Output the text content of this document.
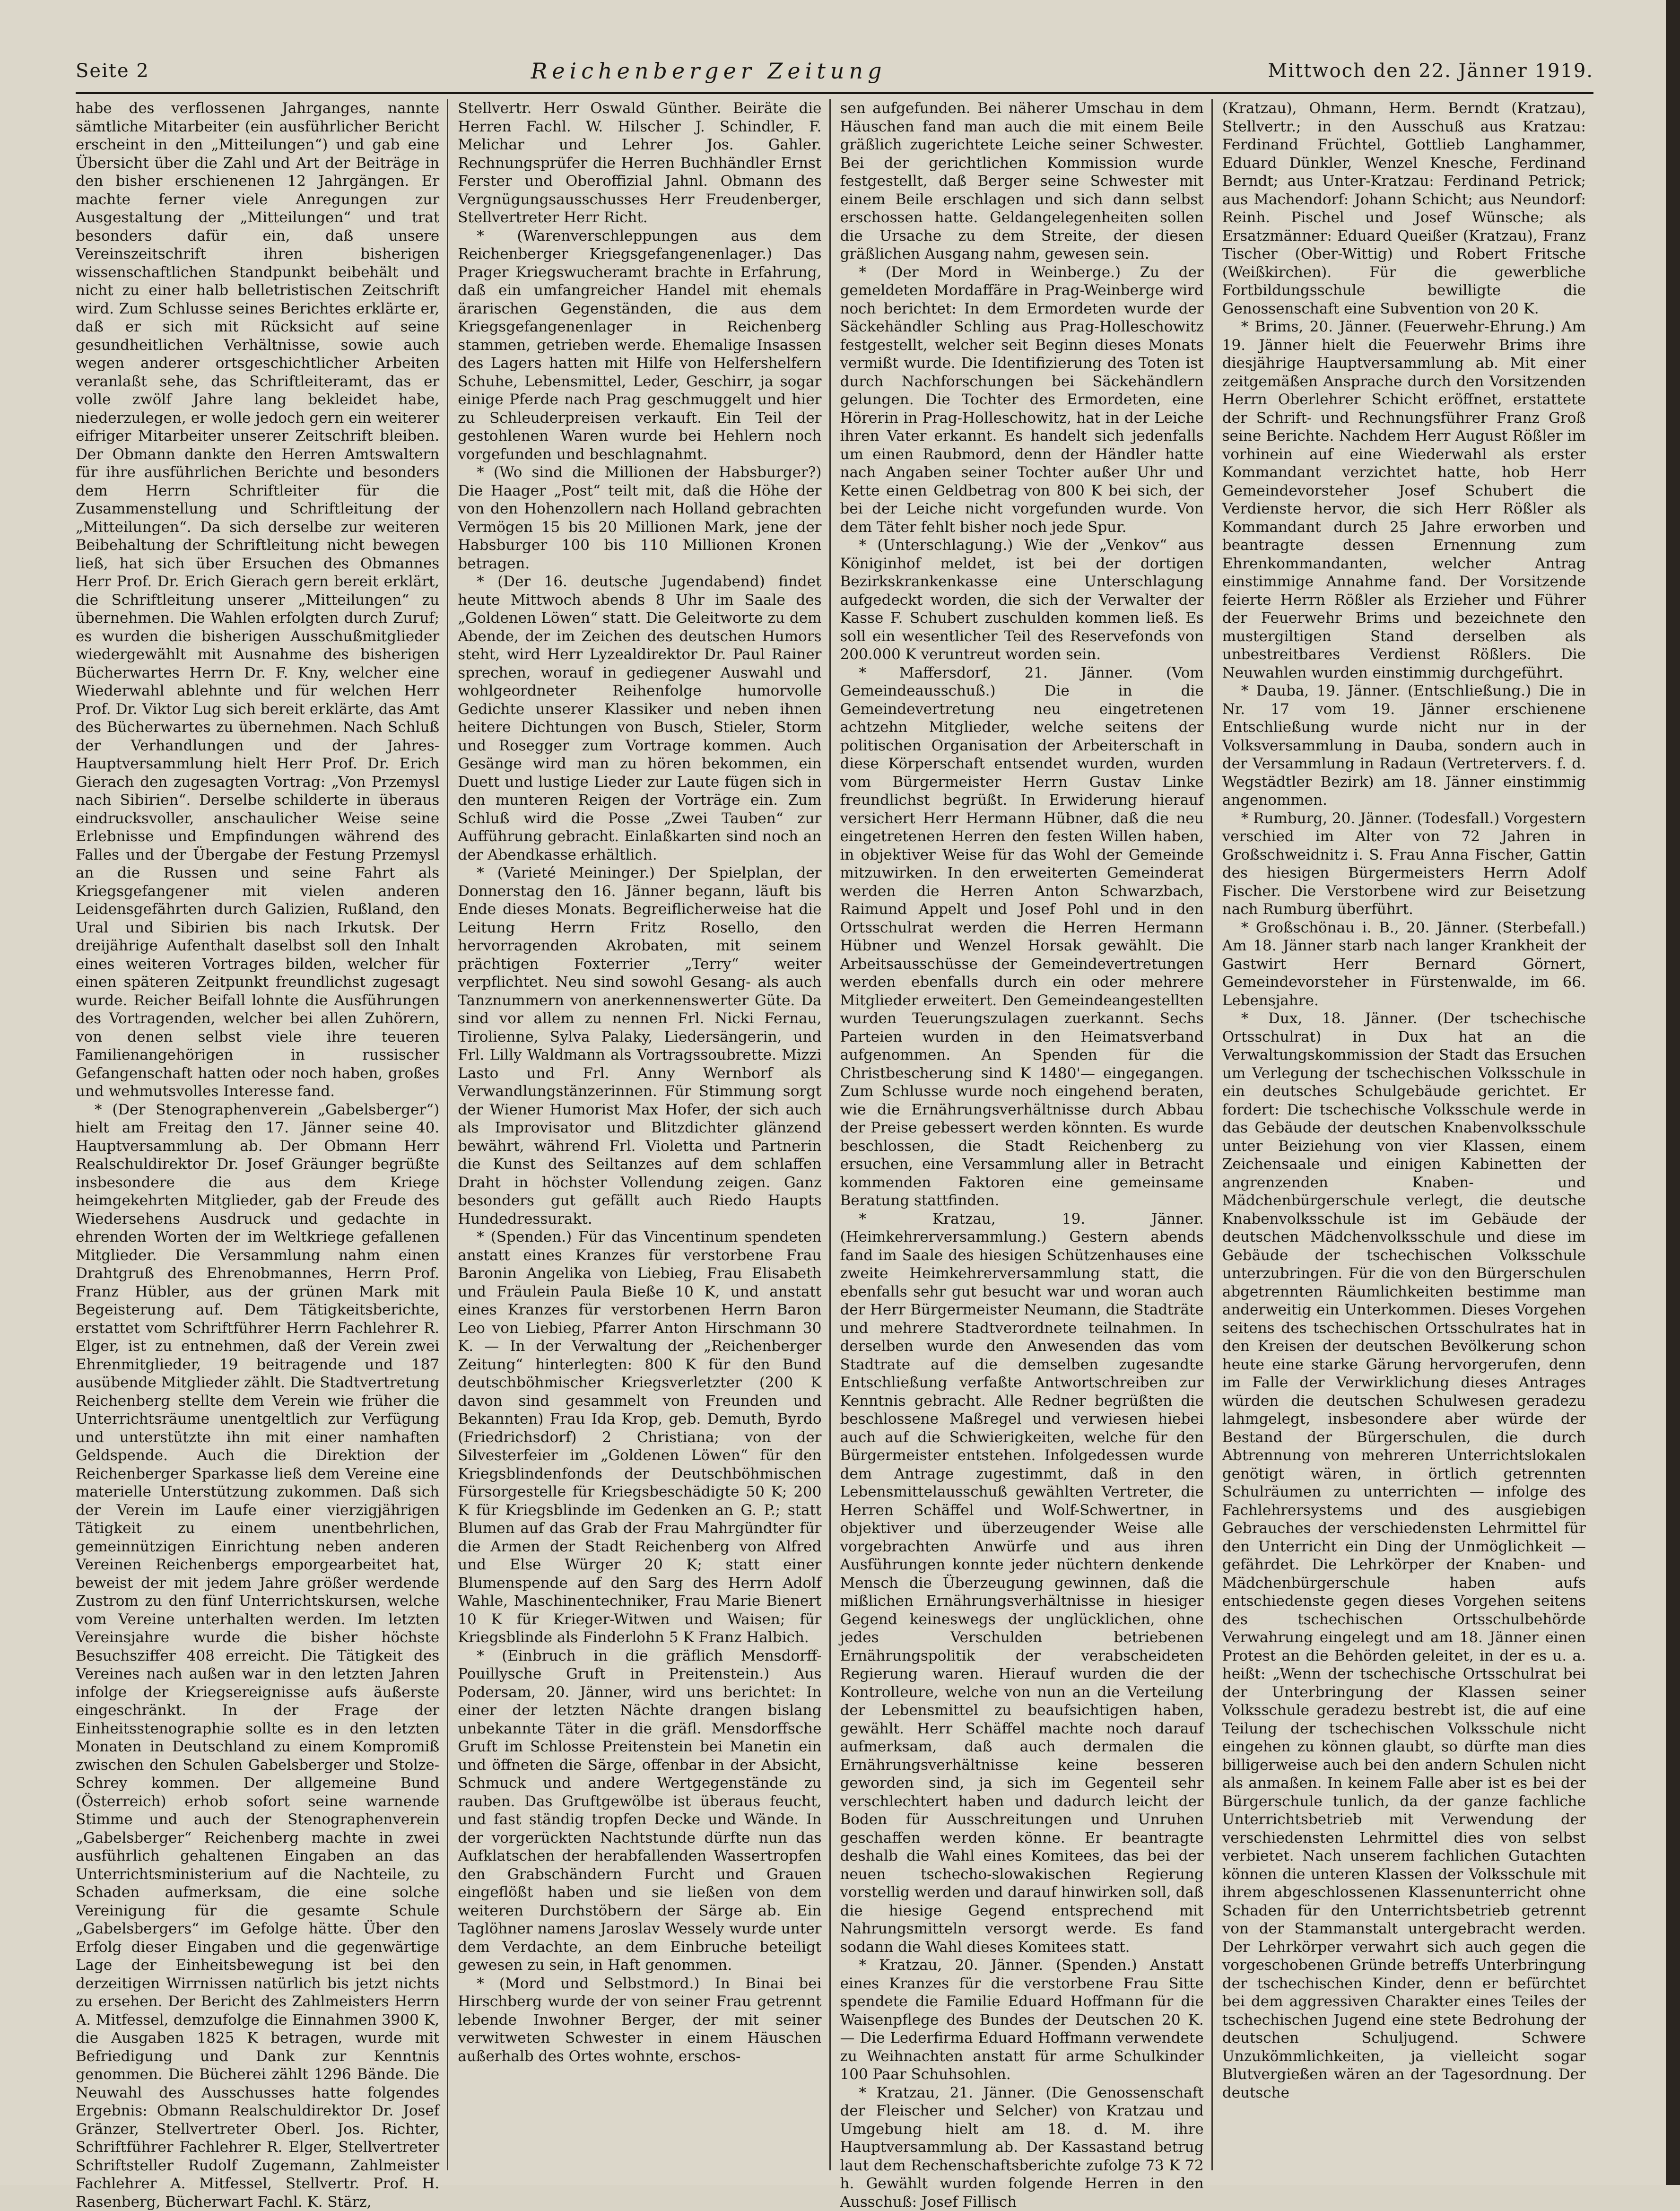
Seite 2	Reichenberger Zeitung	Mittwoch den 22. Jänner 1919.

habe des verflossenen Jahrganges, nannte sämtliche Mitarbeiter (ein ausführlicher Bericht erscheint in den „Mitteilungen“) und gab eine Übersicht über die Zahl und Art der Beiträge in den bisher erschienenen 12 Jahrgängen. Er machte ferner viele Anregungen zur Ausgestaltung der „Mitteilungen“ und trat besonders dafür ein, daß unsere Vereinszeitschrift ihren bisherigen wissenschaftlichen Standpunkt beibehält und nicht zu einer halb belletristischen Zeitschrift wird. Zum Schlusse seines Berichtes erklärte er, daß er sich mit Rücksicht auf seine gesundheitlichen Verhältnisse, sowie auch wegen anderer ortsgeschichtlicher Arbeiten veranlaßt sehe, das Schriftleiteramt, das er volle zwölf Jahre lang bekleidet habe, niederzulegen, er wolle jedoch gern ein weiterer eifriger Mitarbeiter unserer Zeitschrift bleiben. Der Obmann dankte den Herren Amtswaltern für ihre ausführlichen Berichte und besonders dem Herrn Schriftleiter für die Zusammenstellung und Schriftleitung der „Mitteilungen“. Da sich derselbe zur weiteren Beibehaltung der Schriftleitung nicht bewegen ließ, hat sich über Ersuchen des Obmannes Herr Prof. Dr. Erich Gierach gern bereit erklärt, die Schriftleitung unserer „Mitteilungen“ zu übernehmen. Die Wahlen erfolgten durch Zuruf; es wurden die bisherigen Ausschußmitglieder wiedergewählt mit Ausnahme des bisherigen Bücherwartes Herrn Dr. F. Kny, welcher eine Wiederwahl ablehnte und für welchen Herr Prof. Dr. Viktor Lug sich bereit erklärte, das Amt des Bücherwartes zu übernehmen. Nach Schluß der Verhandlungen und der Jahres-Hauptversammlung hielt Herr Prof. Dr. Erich Gierach den zugesagten Vortrag: „Von Przemysl nach Sibirien“. Derselbe schilderte in überaus eindrucksvoller, anschaulicher Weise seine Erlebnisse und Empfindungen während des Falles und der Übergabe der Festung Przemysl an die Russen und seine Fahrt als Kriegsgefangener mit vielen anderen Leidensgefährten durch Galizien, Rußland, den Ural und Sibirien bis nach Irkutsk. Der dreijährige Aufenthalt daselbst soll den Inhalt eines weiteren Vortrages bilden, welcher für einen späteren Zeitpunkt freundlichst zugesagt wurde. Reicher Beifall lohnte die Ausführungen des Vortragenden, welcher bei allen Zuhörern, von denen selbst viele ihre teueren Familienangehörigen in russischer Gefangenschaft hatten oder noch haben, großes und wehmutsvolles Interesse fand.

* (Der Stenographenverein „Gabelsberger“) hielt am Freitag den 17. Jänner seine 40. Hauptversammlung ab. Der Obmann Herr Realschuldirektor Dr. Josef Gräunger begrüßte insbesondere die aus dem Kriege heimgekehrten Mitglieder, gab der Freude des Wiedersehens Ausdruck und gedachte in ehrenden Worten der im Weltkriege gefallenen Mitglieder. Die Versammlung nahm einen Drahtgruß des Ehrenobmannes, Herrn Prof. Franz Hübler, aus der grünen Mark mit Begeisterung auf. Dem Tätigkeitsberichte, erstattet vom Schriftführer Herrn Fachlehrer R. Elger, ist zu entnehmen, daß der Verein zwei Ehrenmitglieder, 19 beitragende und 187 ausübende Mitglieder zählt. Die Stadtvertretung Reichenberg stellte dem Verein wie früher die Unterrichtsräume unentgeltlich zur Verfügung und unterstützte ihn mit einer namhaften Geldspende. Auch die Direktion der Reichenberger Sparkasse ließ dem Vereine eine materielle Unterstützung zukommen. Daß sich der Verein im Laufe einer vierzigjährigen Tätigkeit zu einem unentbehrlichen, gemeinnützigen Einrichtung neben anderen Vereinen Reichenbergs emporgearbeitet hat, beweist der mit jedem Jahre größer werdende Zustrom zu den fünf Unterrichtskursen, welche vom Vereine unterhalten werden. Im letzten Vereinsjahre wurde die bisher höchste Besuchsziffer 408 erreicht. Die Tätigkeit des Vereines nach außen war in den letzten Jahren infolge der Kriegsereignisse aufs äußerste eingeschränkt. In der Frage der Einheitsstenographie sollte es in den letzten Monaten in Deutschland zu einem Kompromiß zwischen den Schulen Gabelsberger und Stolze-Schrey kommen. Der allgemeine Bund (Österreich) erhob sofort seine warnende Stimme und auch der Stenographenverein „Gabelsberger“ Reichenberg machte in zwei ausführlich gehaltenen Eingaben an das Unterrichtsministerium auf die Nachteile, zu Schaden aufmerksam, die eine solche Vereinigung für die gesamte Schule „Gabelsbergers“ im Gefolge hätte. Über den Erfolg dieser Eingaben und die gegenwärtige Lage der Einheitsbewegung ist bei den derzeitigen Wirrnissen natürlich bis jetzt nichts zu ersehen. Der Bericht des Zahlmeisters Herrn A. Mitfessel, demzufolge die Einnahmen 3900 K, die Ausgaben 1825 K betragen, wurde mit Befriedigung und Dank zur Kenntnis genommen. Die Bücherei zählt 1296 Bände. Die Neuwahl des Ausschusses hatte folgendes Ergebnis: Obmann Realschuldirektor Dr. Josef Gränzer, Stellvertreter Oberl. Jos. Richter, Schriftführer Fachlehrer R. Elger, Stellvertreter Schriftsteller Rudolf Zugemann, Zahlmeister Fachlehrer A. Mitfessel, Stellvertr. Prof. H. Rasenberg, Bücherwart Fachl. K. Stärz,

Stellvertr. Herr Oswald Günther. Beiräte die Herren Fachl. W. Hilscher J. Schindler, F. Melichar und Lehrer Jos. Gahler. Rechnungsprüfer die Herren Buchhändler Ernst Ferster und Oberoffizial Jahnl. Obmann des Vergnügungsausschusses Herr Freudenberger, Stellvertreter Herr Richt.

* (Warenverschleppungen aus dem Reichenberger Kriegsgefangenenlager.) Das Prager Kriegswucheramt brachte in Erfahrung, daß ein umfangreicher Handel mit ehemals ärarischen Gegenständen, die aus dem Kriegsgefangenenlager in Reichenberg stammen, getrieben werde. Ehemalige Insassen des Lagers hatten mit Hilfe von Helfershelfern Schuhe, Lebensmittel, Leder, Geschirr, ja sogar einige Pferde nach Prag geschmuggelt und hier zu Schleuderpreisen verkauft. Ein Teil der gestohlenen Waren wurde bei Hehlern noch vorgefunden und beschlagnahmt.

* (Wo sind die Millionen der Habsburger?) Die Haager „Post“ teilt mit, daß die Höhe der von den Hohenzollern nach Holland gebrachten Vermögen 15 bis 20 Millionen Mark, jene der Habsburger 100 bis 110 Millionen Kronen betragen.

* (Der 16. deutsche Jugendabend) findet heute Mittwoch abends 8 Uhr im Saale des „Goldenen Löwen“ statt. Die Geleitworte zu dem Abende, der im Zeichen des deutschen Humors steht, wird Herr Lyzealdirektor Dr. Paul Rainer sprechen, worauf in gediegener Auswahl und wohlgeordneter Reihenfolge humorvolle Gedichte unserer Klassiker und neben ihnen heitere Dichtungen von Busch, Stieler, Storm und Rosegger zum Vortrage kommen. Auch Gesänge wird man zu hören bekommen, ein Duett und lustige Lieder zur Laute fügen sich in den munteren Reigen der Vorträge ein. Zum Schluß wird die Posse „Zwei Tauben“ zur Aufführung gebracht. Einlaßkarten sind noch an der Abendkasse erhältlich.

* (Varieté Meininger.) Der Spielplan, der Donnerstag den 16. Jänner begann, läuft bis Ende dieses Monats. Begreiflicherweise hat die Leitung Herrn Fritz Rosello, den hervorragenden Akrobaten, mit seinem prächtigen Foxterrier „Terry“ weiter verpflichtet. Neu sind sowohl Gesang- als auch Tanznummern von anerkennenswerter Güte. Da sind vor allem zu nennen Frl. Nicki Fernau, Tirolienne, Sylva Palaky, Liedersängerin, und Frl. Lilly Waldmann als Vortragssoubrette. Mizzi Lasto und Frl. Anny Wernborf als Verwandlungstänzerinnen. Für Stimmung sorgt der Wiener Humorist Max Hofer, der sich auch als Improvisator und Blitzdichter glänzend bewährt, während Frl. Violetta und Partnerin die Kunst des Seiltanzes auf dem schlaffen Draht in höchster Vollendung zeigen. Ganz besonders gut gefällt auch Riedo Haupts Hundedressurakt.

* (Spenden.) Für das Vincentinum spendeten anstatt eines Kranzes für verstorbene Frau Baronin Angelika von Liebieg, Frau Elisabeth und Fräulein Paula Bieße 10 K, und anstatt eines Kranzes für verstorbenen Herrn Baron Leo von Liebieg, Pfarrer Anton Hirschmann 30 K. — In der Verwaltung der „Reichenberger Zeitung“ hinterlegten: 800 K für den Bund deutschböhmischer Kriegsverletzter (200 K davon sind gesammelt von Freunden und Bekannten) Frau Ida Krop, geb. Demuth, Byrdo (Friedrichsdorf) 2 Christiana; von der Silvesterfeier im „Goldenen Löwen“ für den Kriegsblindenfonds der Deutschböhmischen Fürsorgestelle für Kriegsbeschädigte 50 K; 200 K für Kriegsblinde im Gedenken an G. P.; statt Blumen auf das Grab der Frau Mahrgündter für die Armen der Stadt Reichenberg von Alfred und Else Würger 20 K; statt einer Blumenspende auf den Sarg des Herrn Adolf Wahle, Maschinentechniker, Frau Marie Bienert 10 K für Krieger-Witwen und Waisen; für Kriegsblinde als Finderlohn 5 K Franz Halbich.

* (Einbruch in die gräflich Mensdorff-Pouillysche Gruft in Preitenstein.) Aus Podersam, 20. Jänner, wird uns berichtet: In einer der letzten Nächte drangen bislang unbekannte Täter in die gräfl. Mensdorffsche Gruft im Schlosse Preitenstein bei Manetin ein und öffneten die Särge, offenbar in der Absicht, Schmuck und andere Wertgegenstände zu rauben. Das Gruftgewölbe ist überaus feucht, und fast ständig tropfen Decke und Wände. In der vorgerückten Nachtstunde dürfte nun das Aufklatschen der herabfallenden Wassertropfen den Grabschändern Furcht und Grauen eingeflößt haben und sie ließen von dem weiteren Durchstöbern der Särge ab. Ein Taglöhner namens Jaroslav Wessely wurde unter dem Verdachte, an dem Einbruche beteiligt gewesen zu sein, in Haft genommen.

* (Mord und Selbstmord.) In Binai bei Hirschberg wurde der von seiner Frau getrennt lebende Inwohner Berger, der mit seiner verwitweten Schwester in einem Häuschen außerhalb des Ortes wohnte, erschos-

sen aufgefunden. Bei näherer Umschau in dem Häuschen fand man auch die mit einem Beile gräßlich zugerichtete Leiche seiner Schwester. Bei der gerichtlichen Kommission wurde festgestellt, daß Berger seine Schwester mit einem Beile erschlagen und sich dann selbst erschossen hatte. Geldangelegenheiten sollen die Ursache zu dem Streite, der diesen gräßlichen Ausgang nahm, gewesen sein.

* (Der Mord in Weinberge.) Zu der gemeldeten Mordaffäre in Prag-Weinberge wird noch berichtet: In dem Ermordeten wurde der Säckehändler Schling aus Prag-Holleschowitz festgestellt, welcher seit Beginn dieses Monats vermißt wurde. Die Identifizierung des Toten ist durch Nachforschungen bei Säckehändlern gelungen. Die Tochter des Ermordeten, eine Hörerin in Prag-Holleschowitz, hat in der Leiche ihren Vater erkannt. Es handelt sich jedenfalls um einen Raubmord, denn der Händler hatte nach Angaben seiner Tochter außer Uhr und Kette einen Geldbetrag von 800 K bei sich, der bei der Leiche nicht vorgefunden wurde. Von dem Täter fehlt bisher noch jede Spur.

* (Unterschlagung.) Wie der „Venkov“ aus Königinhof meldet, ist bei der dortigen Bezirkskrankenkasse eine Unterschlagung aufgedeckt worden, die sich der Verwalter der Kasse F. Schubert zuschulden kommen ließ. Es soll ein wesentlicher Teil des Reservefonds von 200.000 K veruntreut worden sein.

* Maffersdorf, 21. Jänner. (Vom Gemeindeausschuß.) Die in die Gemeindevertretung neu eingetretenen achtzehn Mitglieder, welche seitens der politischen Organisation der Arbeiterschaft in diese Körperschaft entsendet wurden, wurden vom Bürgermeister Herrn Gustav Linke freundlichst begrüßt. In Erwiderung hierauf versichert Herr Hermann Hübner, daß die neu eingetretenen Herren den festen Willen haben, in objektiver Weise für das Wohl der Gemeinde mitzuwirken. In den erweiterten Gemeinderat werden die Herren Anton Schwarzbach, Raimund Appelt und Josef Pohl und in den Ortsschulrat werden die Herren Hermann Hübner und Wenzel Horsak gewählt. Die Arbeitsausschüsse der Gemeindevertretungen werden ebenfalls durch ein oder mehrere Mitglieder erweitert. Den Gemeindeangestellten wurden Teuerungszulagen zuerkannt. Sechs Parteien wurden in den Heimatsverband aufgenommen. An Spenden für die Christbescherung sind K 1480'— eingegangen. Zum Schlusse wurde noch eingehend beraten, wie die Ernährungsverhältnisse durch Abbau der Preise gebessert werden könnten. Es wurde beschlossen, die Stadt Reichenberg zu ersuchen, eine Versammlung aller in Betracht kommenden Faktoren eine gemeinsame Beratung stattfinden.

* Kratzau, 19. Jänner. (Heimkehrerversammlung.) Gestern abends fand im Saale des hiesigen Schützenhauses eine zweite Heimkehrerversammlung statt, die ebenfalls sehr gut besucht war und woran auch der Herr Bürgermeister Neumann, die Stadträte und mehrere Stadtverordnete teilnahmen. In derselben wurde den Anwesenden das vom Stadtrate auf die demselben zugesandte Entschließung verfaßte Antwortschreiben zur Kenntnis gebracht. Alle Redner begrüßten die beschlossene Maßregel und verwiesen hiebei auch auf die Schwierigkeiten, welche für den Bürgermeister entstehen. Infolgedessen wurde dem Antrage zugestimmt, daß in den Lebensmittelausschuß gewählten Vertreter, die Herren Schäffel und Wolf-Schwertner, in objektiver und überzeugender Weise alle vorgebrachten Anwürfe und aus ihren Ausführungen konnte jeder nüchtern denkende Mensch die Überzeugung gewinnen, daß die mißlichen Ernährungsverhältnisse in hiesiger Gegend keineswegs der unglücklichen, ohne jedes Verschulden betriebenen Ernährungspolitik der verabscheideten Regierung waren. Hierauf wurden die der Kontrolleure, welche von nun an die Verteilung der Lebensmittel zu beaufsichtigen haben, gewählt. Herr Schäffel machte noch darauf aufmerksam, daß auch dermalen die Ernährungsverhältnisse keine besseren geworden sind, ja sich im Gegenteil sehr verschlechtert haben und dadurch leicht der Boden für Ausschreitungen und Unruhen geschaffen werden könne. Er beantragte deshalb die Wahl eines Komitees, das bei der neuen tschecho-slowakischen Regierung vorstellig werden und darauf hinwirken soll, daß die hiesige Gegend entsprechend mit Nahrungsmitteln versorgt werde. Es fand sodann die Wahl dieses Komitees statt.

* Kratzau, 20. Jänner. (Spenden.) Anstatt eines Kranzes für die verstorbene Frau Sitte spendete die Familie Eduard Hoffmann für die Waisenpflege des Bundes der Deutschen 20 K. — Die Lederfirma Eduard Hoffmann verwendete zu Weihnachten anstatt für arme Schulkinder 100 Paar Schuhsohlen.

* Kratzau, 21. Jänner. (Die Genossenschaft der Fleischer und Selcher) von Kratzau und Umgebung hielt am 18. d. M. ihre Hauptversammlung ab. Der Kassastand betrug laut dem Rechenschaftsberichte zufolge 73 K 72 h. Gewählt wurden folgende Herren in den Ausschuß: Josef Fillisch

(Kratzau), Ohmann, Herm. Berndt (Kratzau), Stellvertr.; in den Ausschuß aus Kratzau: Ferdinand Früchtel, Gottlieb Langhammer, Eduard Dünkler, Wenzel Knesche, Ferdinand Berndt; aus Unter-Kratzau: Ferdinand Petrick; aus Machendorf: Johann Schicht; aus Neundorf: Reinh. Pischel und Josef Wünsche; als Ersatzmänner: Eduard Queißer (Kratzau), Franz Tischer (Ober-Wittig) und Robert Fritsche (Weißkirchen). Für die gewerbliche Fortbildungsschule bewilligte die Genossenschaft eine Subvention von 20 K.

* Brims, 20. Jänner. (Feuerwehr-Ehrung.) Am 19. Jänner hielt die Feuerwehr Brims ihre diesjährige Hauptversammlung ab. Mit einer zeitgemäßen Ansprache durch den Vorsitzenden Herrn Oberlehrer Schicht eröffnet, erstattete der Schrift- und Rechnungsführer Franz Groß seine Berichte. Nachdem Herr August Rößler im vorhinein auf eine Wiederwahl als erster Kommandant verzichtet hatte, hob Herr Gemeindevorsteher Josef Schubert die Verdienste hervor, die sich Herr Rößler als Kommandant durch 25 Jahre erworben und beantragte dessen Ernennung zum Ehrenkommandanten, welcher Antrag einstimmige Annahme fand. Der Vorsitzende feierte Herrn Rößler als Erzieher und Führer der Feuerwehr Brims und bezeichnete den mustergiltigen Stand derselben als unbestreitbares Verdienst Rößlers. Die Neuwahlen wurden einstimmig durchgeführt.

* Dauba, 19. Jänner. (Entschließung.) Die in Nr. 17 vom 19. Jänner erschienene Entschließung wurde nicht nur in der Volksversammlung in Dauba, sondern auch in der Versammlung in Radaun (Vertretervers. f. d. Wegstädtler Bezirk) am 18. Jänner einstimmig angenommen.

* Rumburg, 20. Jänner. (Todesfall.) Vorgestern verschied im Alter von 72 Jahren in Großschweidnitz i. S. Frau Anna Fischer, Gattin des hiesigen Bürgermeisters Herrn Adolf Fischer. Die Verstorbene wird zur Beisetzung nach Rumburg überführt.

* Großschönau i. B., 20. Jänner. (Sterbefall.) Am 18. Jänner starb nach langer Krankheit der Gastwirt Herr Bernard Görnert, Gemeindevorsteher in Fürstenwalde, im 66. Lebensjahre.

* Dux, 18. Jänner. (Der tschechische Ortsschulrat) in Dux hat an die Verwaltungskommission der Stadt das Ersuchen um Verlegung der tschechischen Volksschule in ein deutsches Schulgebäude gerichtet. Er fordert: Die tschechische Volksschule werde in das Gebäude der deutschen Knabenvolksschule unter Beiziehung von vier Klassen, einem Zeichensaale und einigen Kabinetten der angrenzenden Knaben- und Mädchenbürgerschule verlegt, die deutsche Knabenvolksschule ist im Gebäude der deutschen Mädchenvolksschule und diese im Gebäude der tschechischen Volksschule unterzubringen. Für die von den Bürgerschulen abgetrennten Räumlichkeiten bestimme man anderweitig ein Unterkommen. Dieses Vorgehen seitens des tschechischen Ortsschulrates hat in den Kreisen der deutschen Bevölkerung schon heute eine starke Gärung hervorgerufen, denn im Falle der Verwirklichung dieses Antrages würden die deutschen Schulwesen geradezu lahmgelegt, insbesondere aber würde der Bestand der Bürgerschulen, die durch Abtrennung von mehreren Unterrichtslokalen genötigt wären, in örtlich getrennten Schulräumen zu unterrichten — infolge des Fachlehrersystems und des ausgiebigen Gebrauches der verschiedensten Lehrmittel für den Unterricht ein Ding der Unmöglichkeit — gefährdet. Die Lehrkörper der Knaben- und Mädchenbürgerschule haben aufs entschiedenste gegen dieses Vorgehen seitens des tschechischen Ortsschulbehörde Verwahrung eingelegt und am 18. Jänner einen Protest an die Behörden geleitet, in der es u. a. heißt: „Wenn der tschechische Ortsschulrat bei der Unterbringung der Klassen seiner Volksschule geradezu bestrebt ist, die auf eine Teilung der tschechischen Volksschule nicht eingehen zu können glaubt, so dürfte man dies billigerweise auch bei den andern Schulen nicht als anmaßen. In keinem Falle aber ist es bei der Bürgerschule tunlich, da der ganze fachliche Unterrichtsbetrieb mit Verwendung der verschiedensten Lehrmittel dies von selbst verbietet. Nach unserem fachlichen Gutachten können die unteren Klassen der Volksschule mit ihrem abgeschlossenen Klassenunterricht ohne Schaden für den Unterrichtsbetrieb getrennt von der Stammanstalt untergebracht werden. Der Lehrkörper verwahrt sich auch gegen die vorgeschobenen Gründe betreffs Unterbringung der tschechischen Kinder, denn er befürchtet bei dem aggressiven Charakter eines Teiles der tschechischen Jugend eine stete Bedrohung der deutschen Schuljugend. Schwere Unzukömmlichkeiten, ja vielleicht sogar Blutvergießen wären an der Tagesordnung. Der deutsche
